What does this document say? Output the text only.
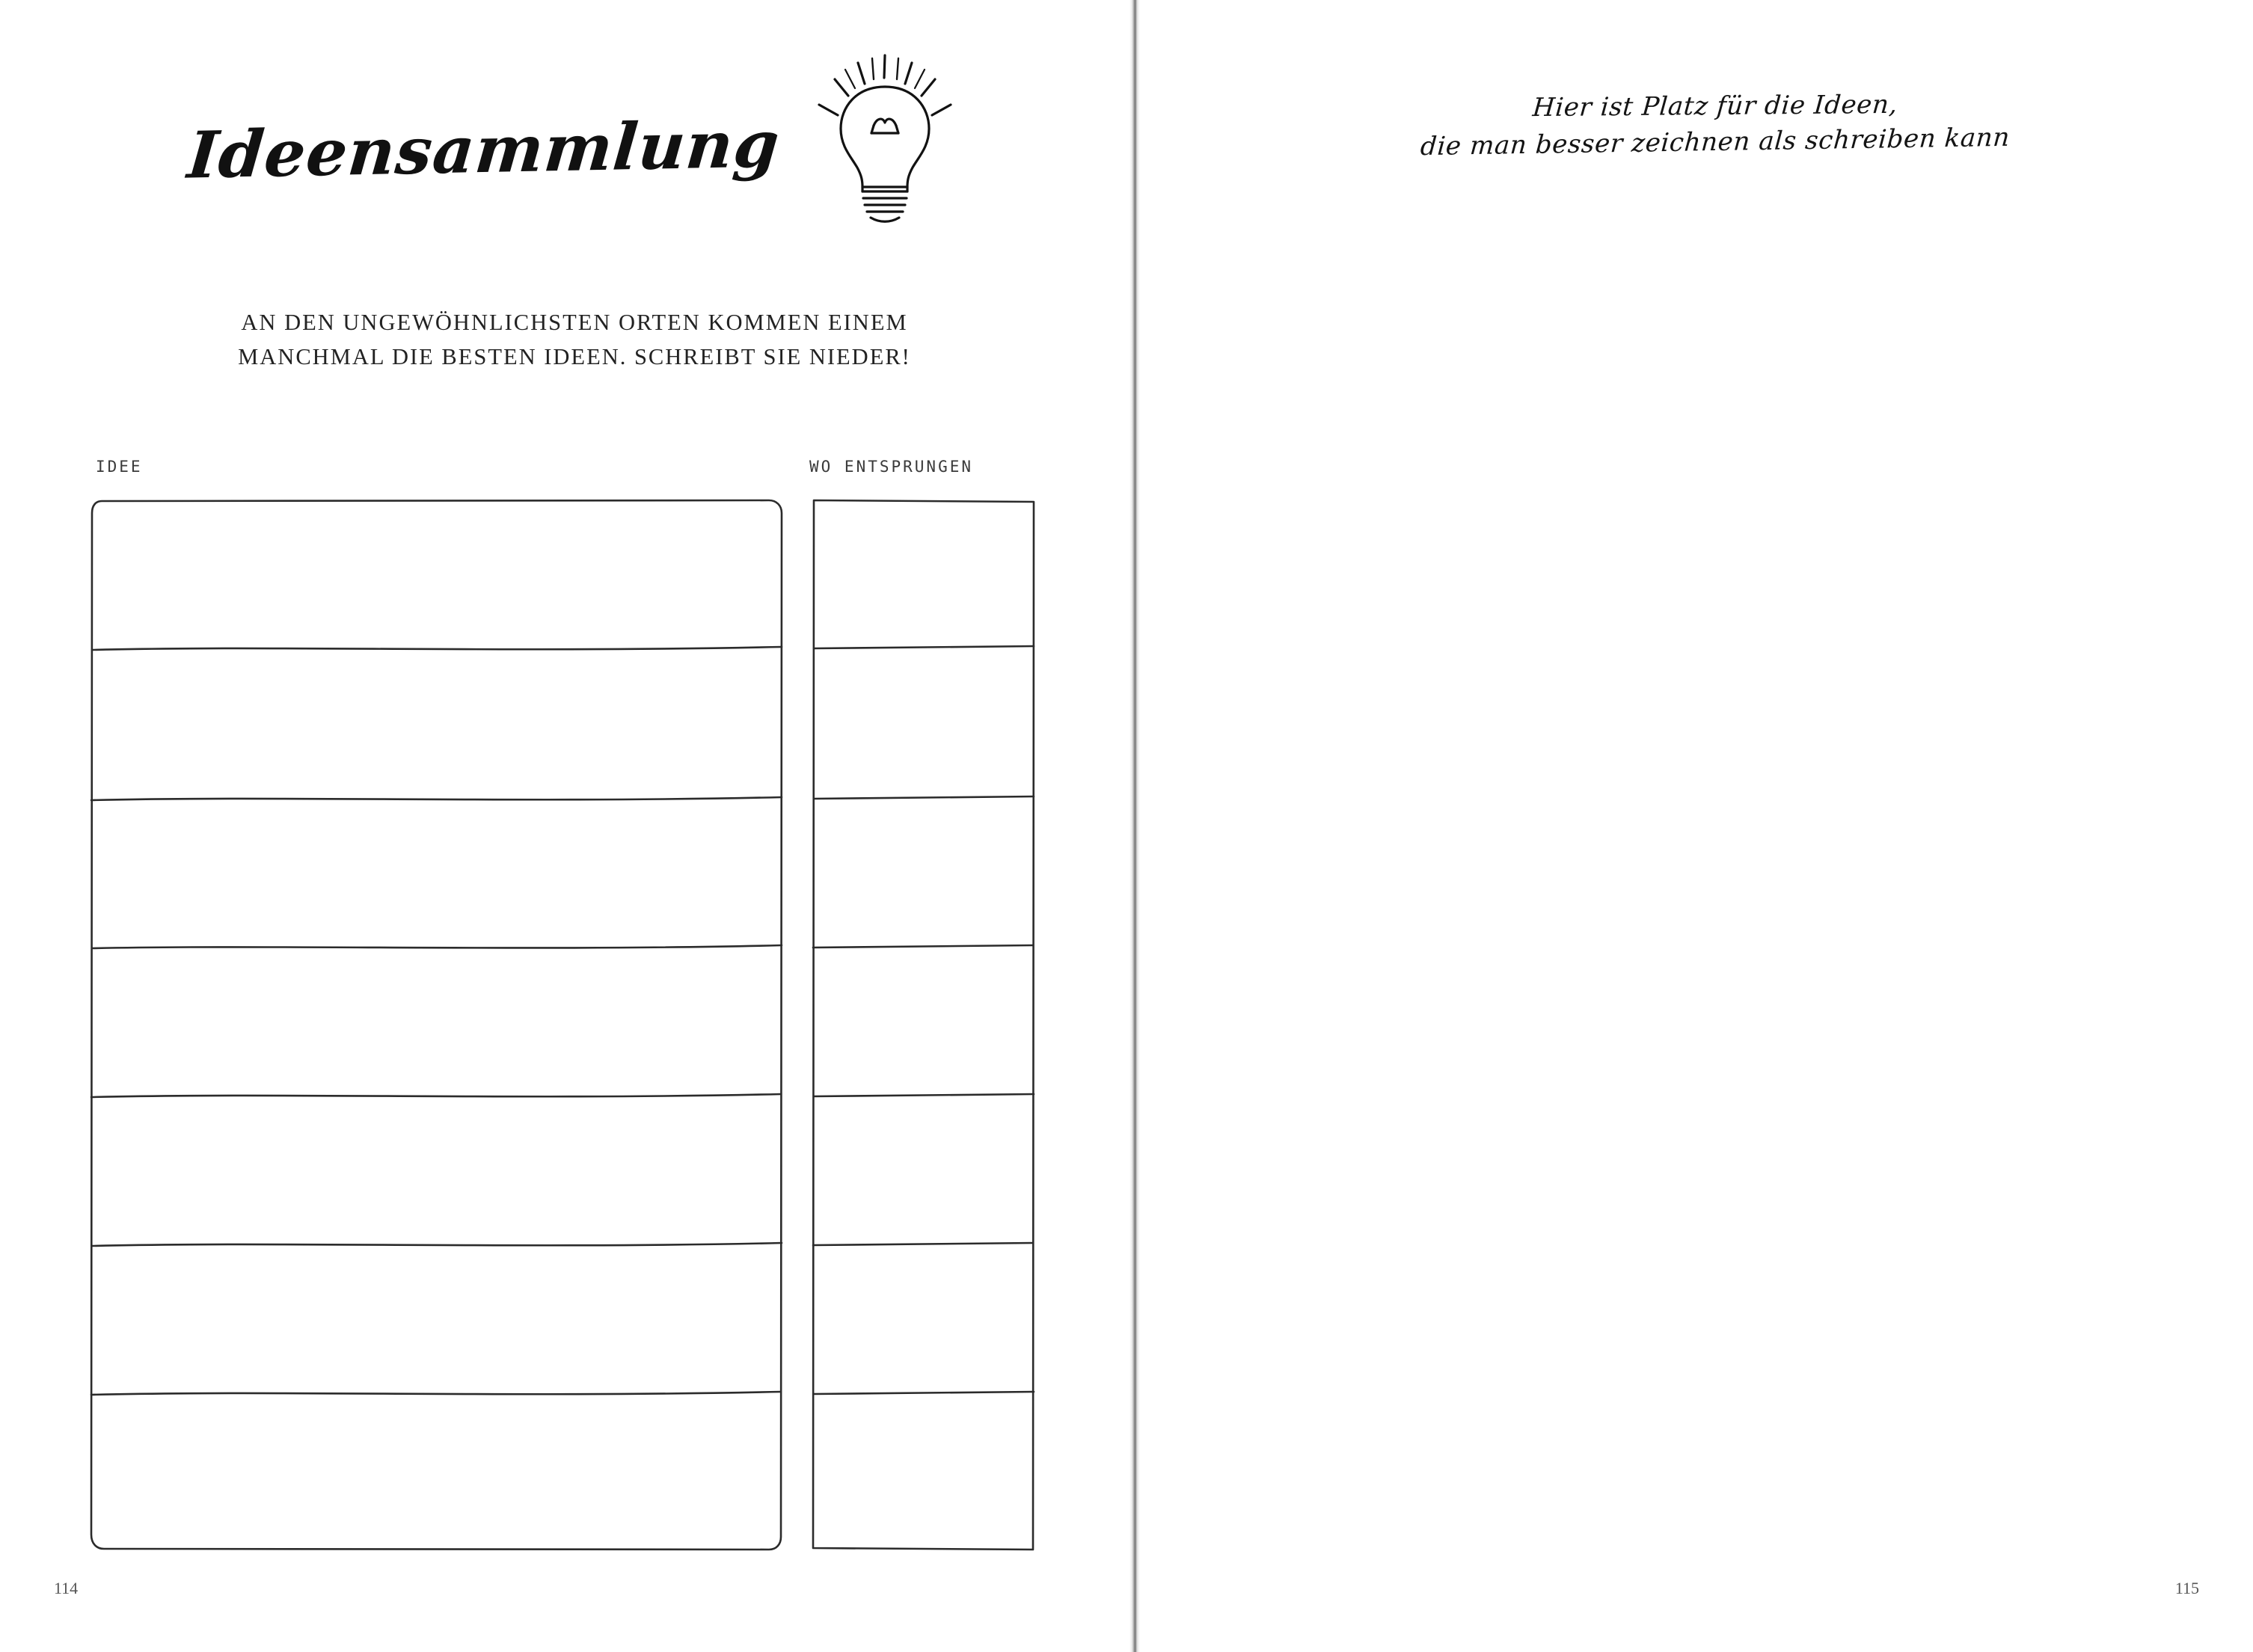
Ideensammlung
AN DEN UNGEWÖHNLICHSTEN ORTEN KOMMEN EINEM
MANCHMAL DIE BESTEN IDEEN. SCHREIBT SIE NIEDER!
IDEE	WO ENTSPRUNGEN
114
Hier ist Platz für die Ideen,
die man besser zeichnen als schreiben kann
115
